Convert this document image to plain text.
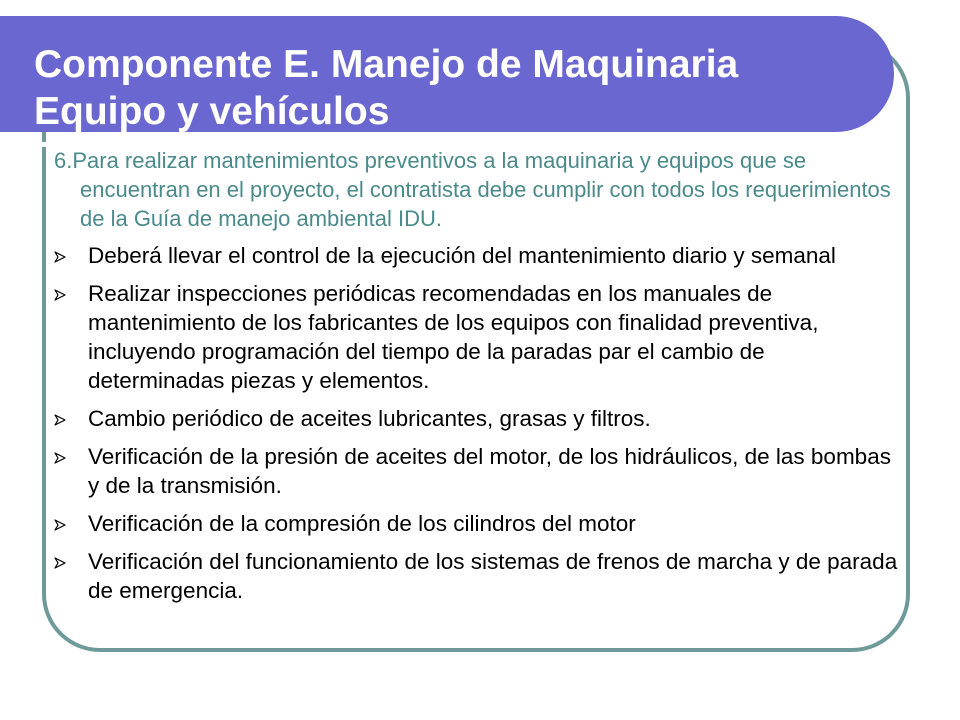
Componente E. Manejo de Maquinaria Equipo y vehículos

6.Para realizar mantenimientos preventivos a la maquinaria y equipos que se encuentran en el proyecto, el contratista debe cumplir con todos los requerimientos de la Guía de manejo ambiental IDU.

Deberá llevar el control de la ejecución del mantenimiento diario y semanal
Realizar inspecciones periódicas recomendadas en los manuales de mantenimiento de los fabricantes de los equipos con finalidad preventiva, incluyendo programación del tiempo de la paradas par el cambio de determinadas piezas y elementos.
Cambio periódico de aceites lubricantes, grasas y filtros.
Verificación de la presión de aceites del motor, de los hidráulicos, de las bombas y de la transmisión.
Verificación de la compresión de los cilindros del motor
Verificación del funcionamiento de los sistemas de frenos de marcha y de parada de emergencia.
